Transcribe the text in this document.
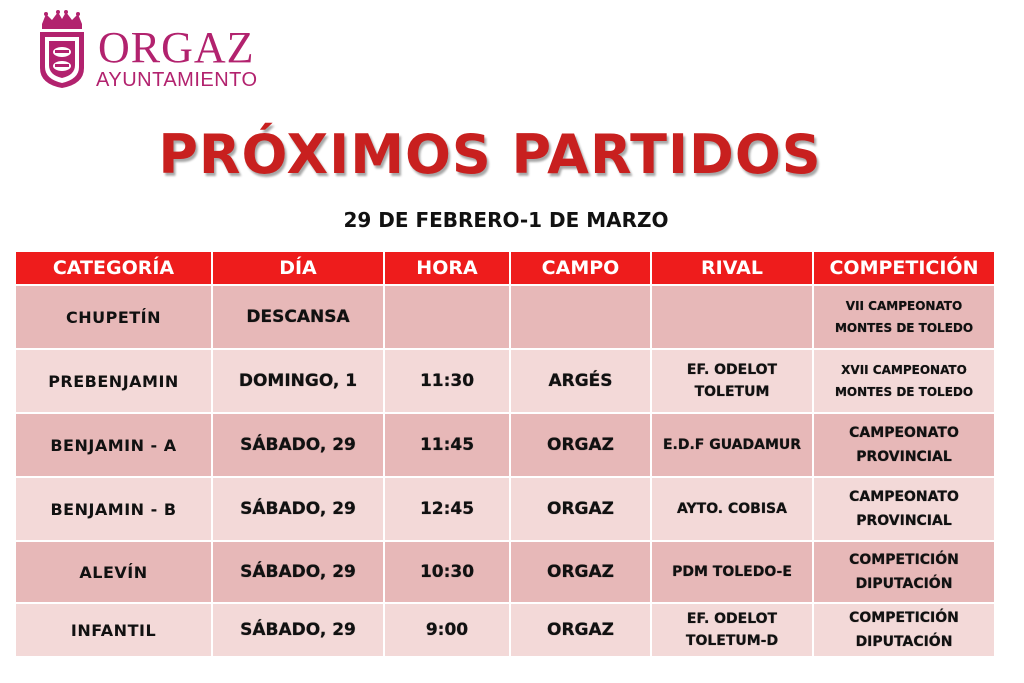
ORGAZ
AYUNTAMIENTO
PRÓXIMOS PARTIDOS
29 DE FEBRERO-1 DE MARZO
CATEGORÍA	DÍA	HORA	CAMPO	RIVAL	COMPETICIÓN
CHUPETÍN	DESCANSA				VII CAMPEONATO
MONTES DE TOLEDO

PREBENJAMIN	DOMINGO, 1	11:30	ARGÉS	EF. ODELOT
TOLETUM	XVII CAMPEONATO
MONTES DE TOLEDO

BENJAMIN - A	SÁBADO, 29	11:45	ORGAZ	E.D.F GUADAMUR	CAMPEONATO
PROVINCIAL

BENJAMIN - B	SÁBADO, 29	12:45	ORGAZ	AYTO. COBISA	CAMPEONATO
PROVINCIAL

ALEVÍN	SÁBADO, 29	10:30	ORGAZ	PDM TOLEDO-E	COMPETICIÓN
DIPUTACIÓN

INFANTIL	SÁBADO, 29	9:00	ORGAZ	EF. ODELOT
TOLETUM-D	COMPETICIÓN
DIPUTACIÓN
